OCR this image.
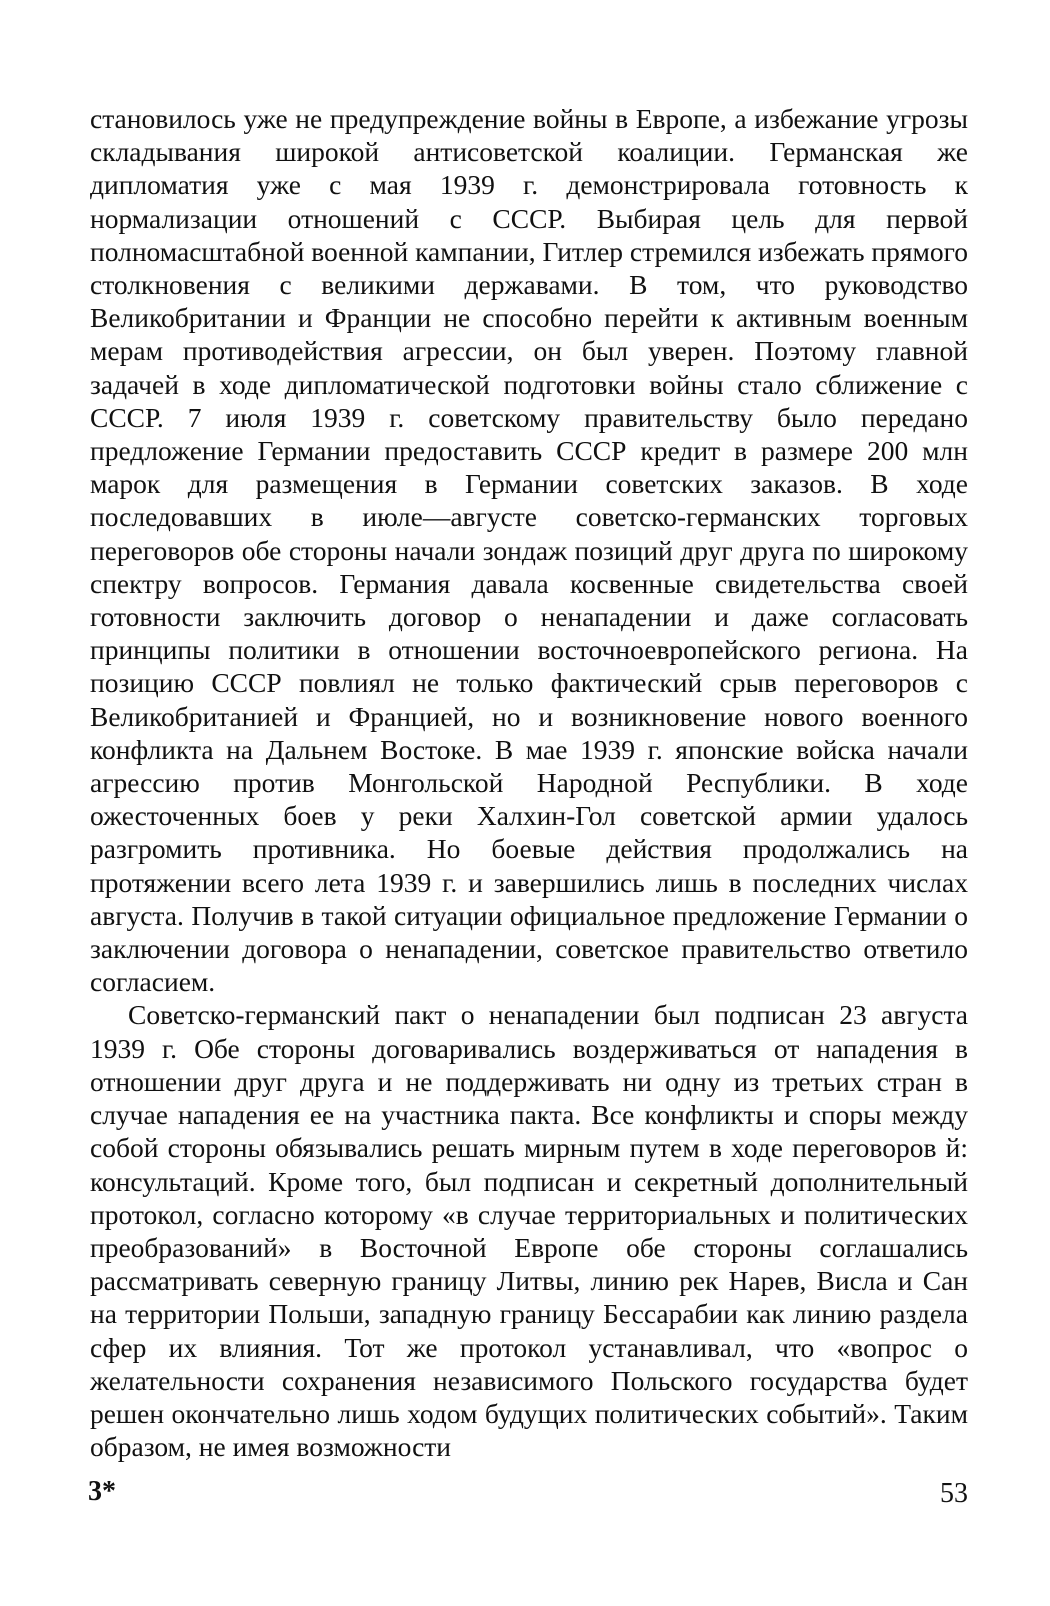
становилось уже не предупреждение войны в Европе, а избежание угрозы складывания широкой антисоветской коалиции. Германская же дипломатия уже с мая 1939 г. демонстрировала готовность к нормализации отношений с СССР. Выбирая цель для первой полномасштабной военной кампании, Гитлер стремился избежать прямого столкновения с великими державами. В том, что руководство Великобритании и Франции не способно перейти к активным военным мерам противодействия агрессии, он был уверен. Поэтому главной задачей в ходе дипломатической подготовки войны стало сближение с СССР. 7 июля 1939 г. советскому правительству было передано предложение Германии предоставить СССР кредит в размере 200 млн марок для размещения в Германии советских заказов. В ходе последовавших в июле—августе советско-германских торговых переговоров обе стороны начали зондаж позиций друг друга по широкому спектру вопросов. Германия давала косвенные свидетельства своей готовности заключить договор о ненападении и даже согласовать принципы политики в отношении восточноевропейского региона. На позицию СССР повлиял не только фактический срыв переговоров с Великобританией и Францией, но и возникновение нового военного конфликта на Дальнем Востоке. В мае 1939 г. японские войска начали агрессию против Монгольской Народной Республики. В ходе ожесточенных боев у реки Халхин-Гол советской армии удалось разгромить противника. Но боевые действия продолжались на протяжении всего лета 1939 г. и завершились лишь в последних числах августа. Получив в такой ситуации официальное предложение Германии о заключении договора о ненападении, советское правительство ответило согласием.

Советско-германский пакт о ненападении был подписан 23 августа 1939 г. Обе стороны договаривались воздерживаться от нападения в отношении друг друга и не поддерживать ни одну из третьих стран в случае нападения ее на участника пакта. Все конфликты и споры между собой стороны обязывались решать мирным путем в ходе переговоров й: консультаций. Кроме того, был подписан и секретный дополнительный протокол, согласно которому «в случае территориальных и политических преобразований» в Восточной Европе обе стороны соглашались рассматривать северную границу Литвы, линию рек Нарев, Висла и Сан на территории Польши, западную границу Бессарабии как линию раздела сфер их влияния. Тот же протокол устанавливал, что «вопрос о желательности сохранения независимого Польского государства будет решен окончательно лишь ходом будущих политических событий». Таким образом, не имея возможности

3*	53
